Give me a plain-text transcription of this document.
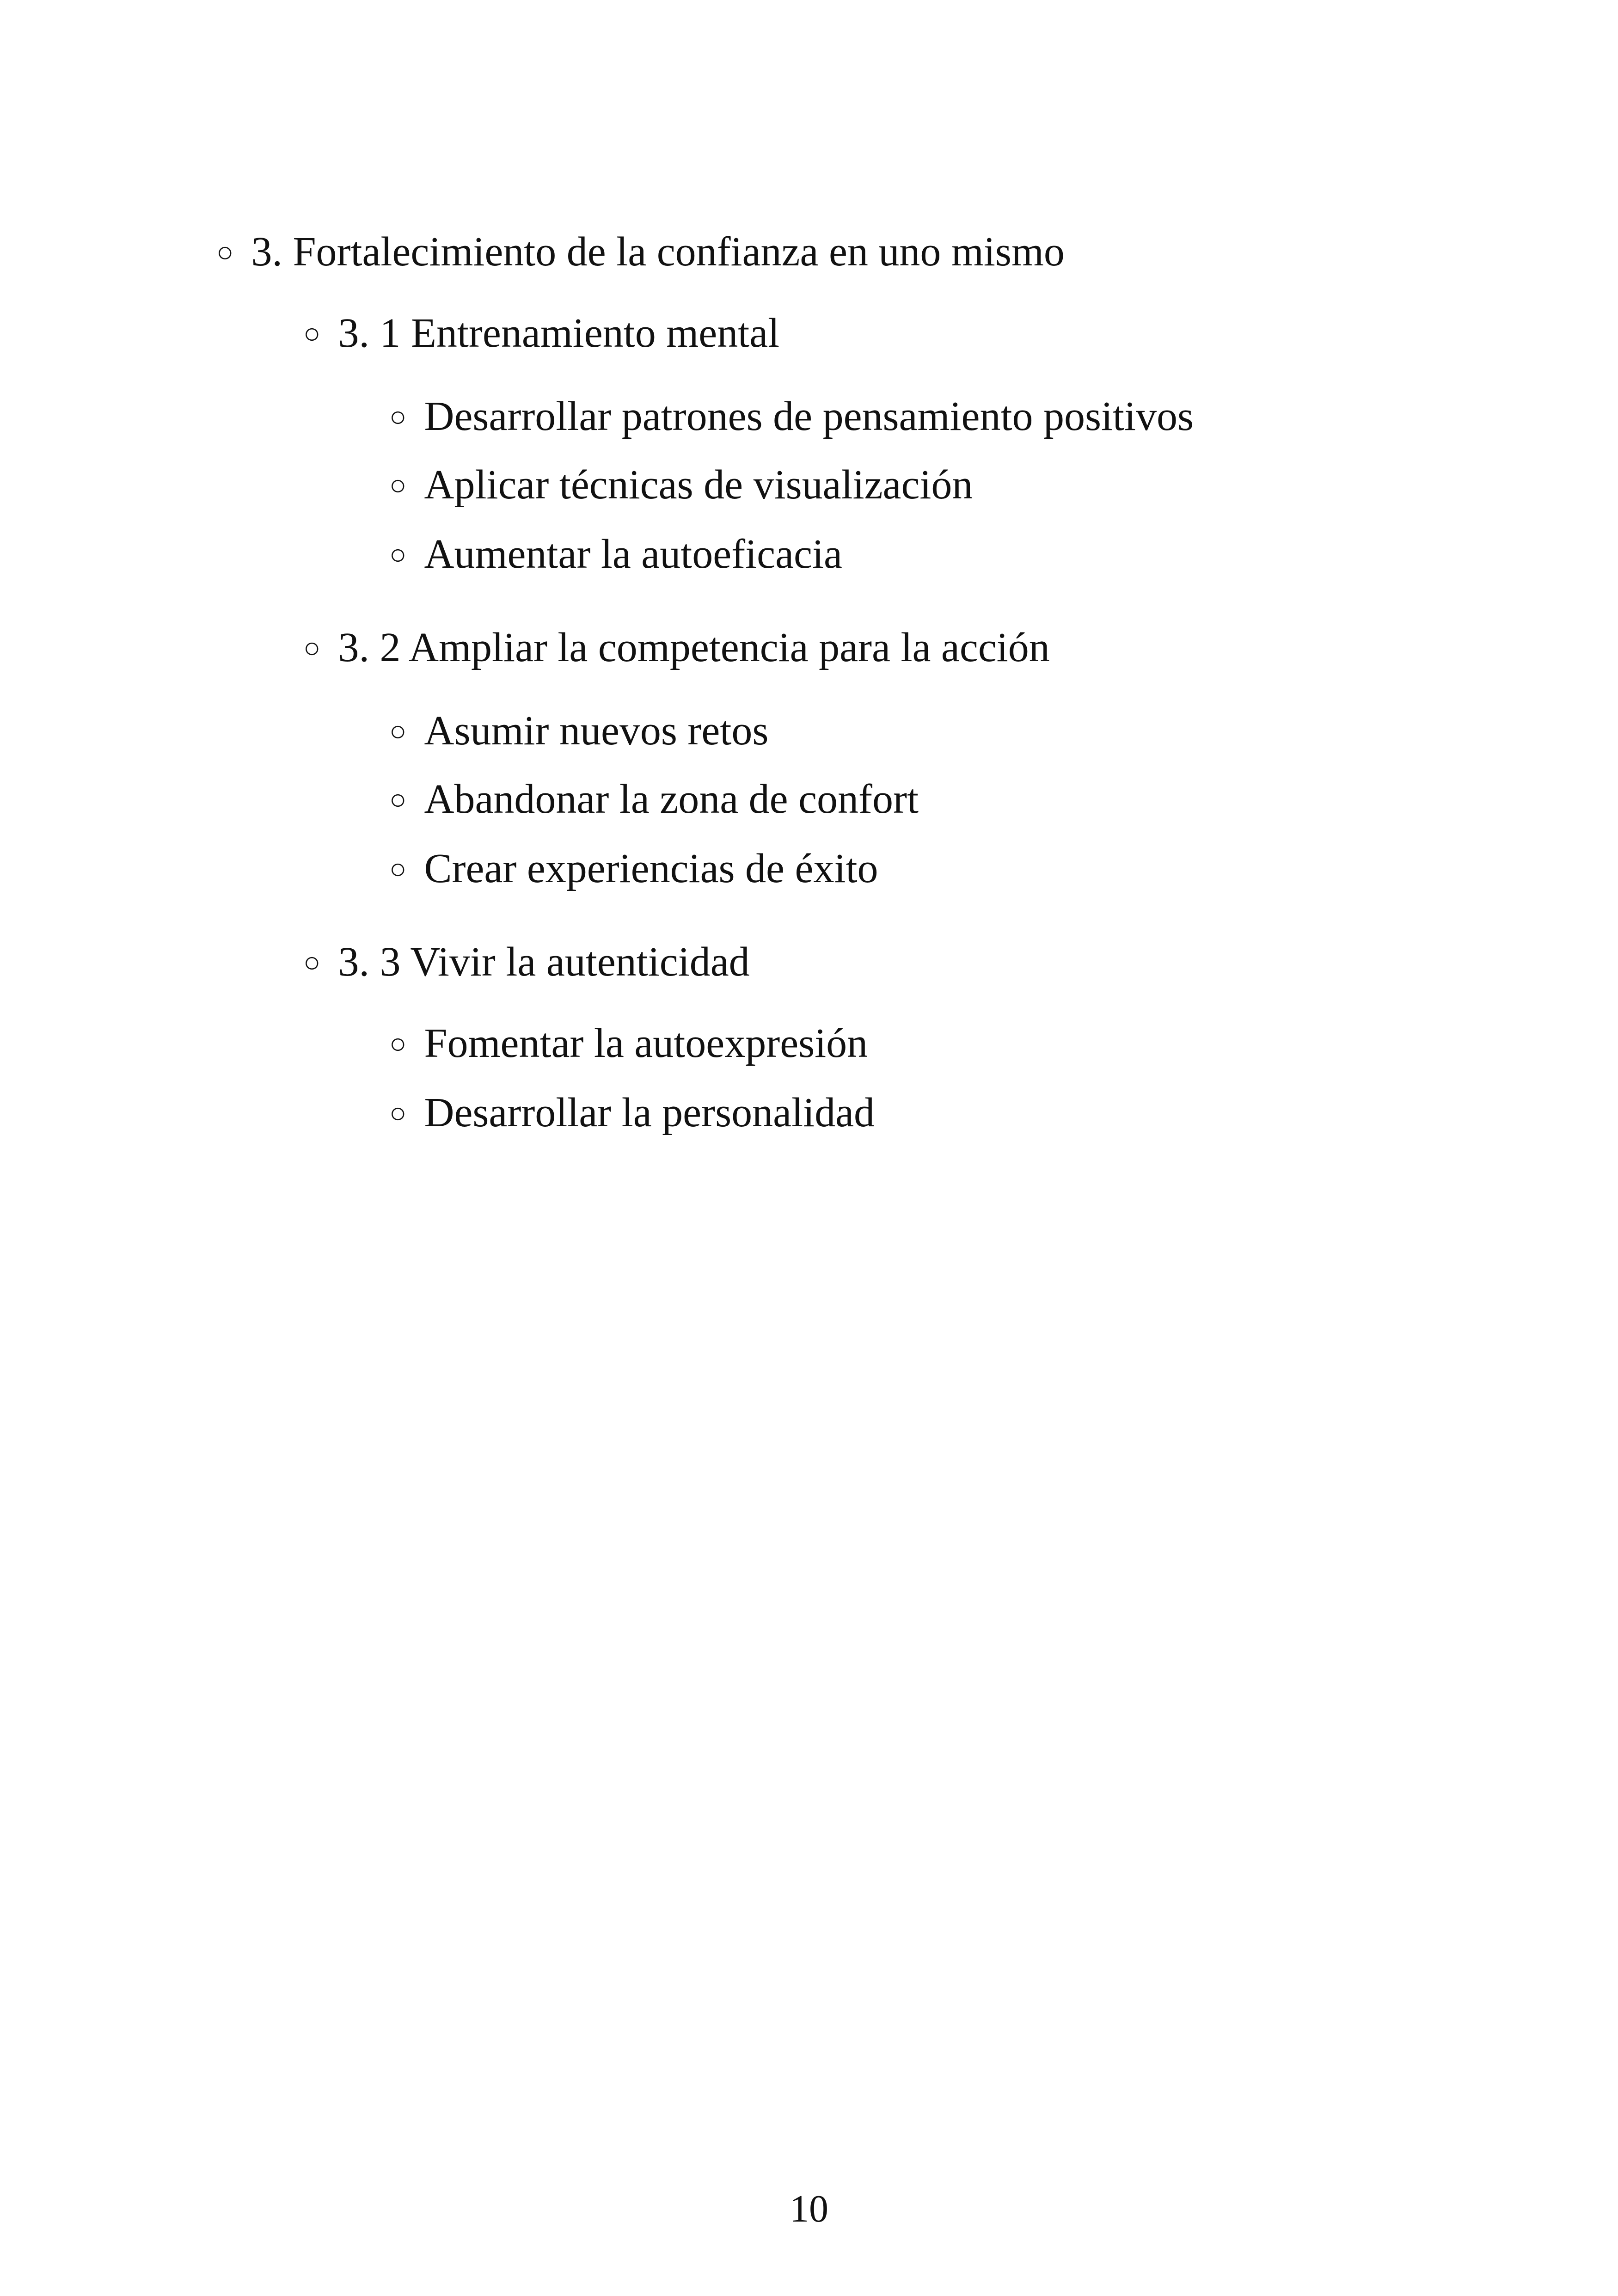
○ 3. Fortalecimiento de la confianza en uno mismo
○ 3. 1 Entrenamiento mental
○ Desarrollar patrones de pensamiento positivos
○ Aplicar técnicas de visualización
○ Aumentar la autoeficacia
○ 3. 2 Ampliar la competencia para la acción
○ Asumir nuevos retos
○ Abandonar la zona de confort
○ Crear experiencias de éxito
○ 3. 3 Vivir la autenticidad
○ Fomentar la autoexpresión
○ Desarrollar la personalidad
10
